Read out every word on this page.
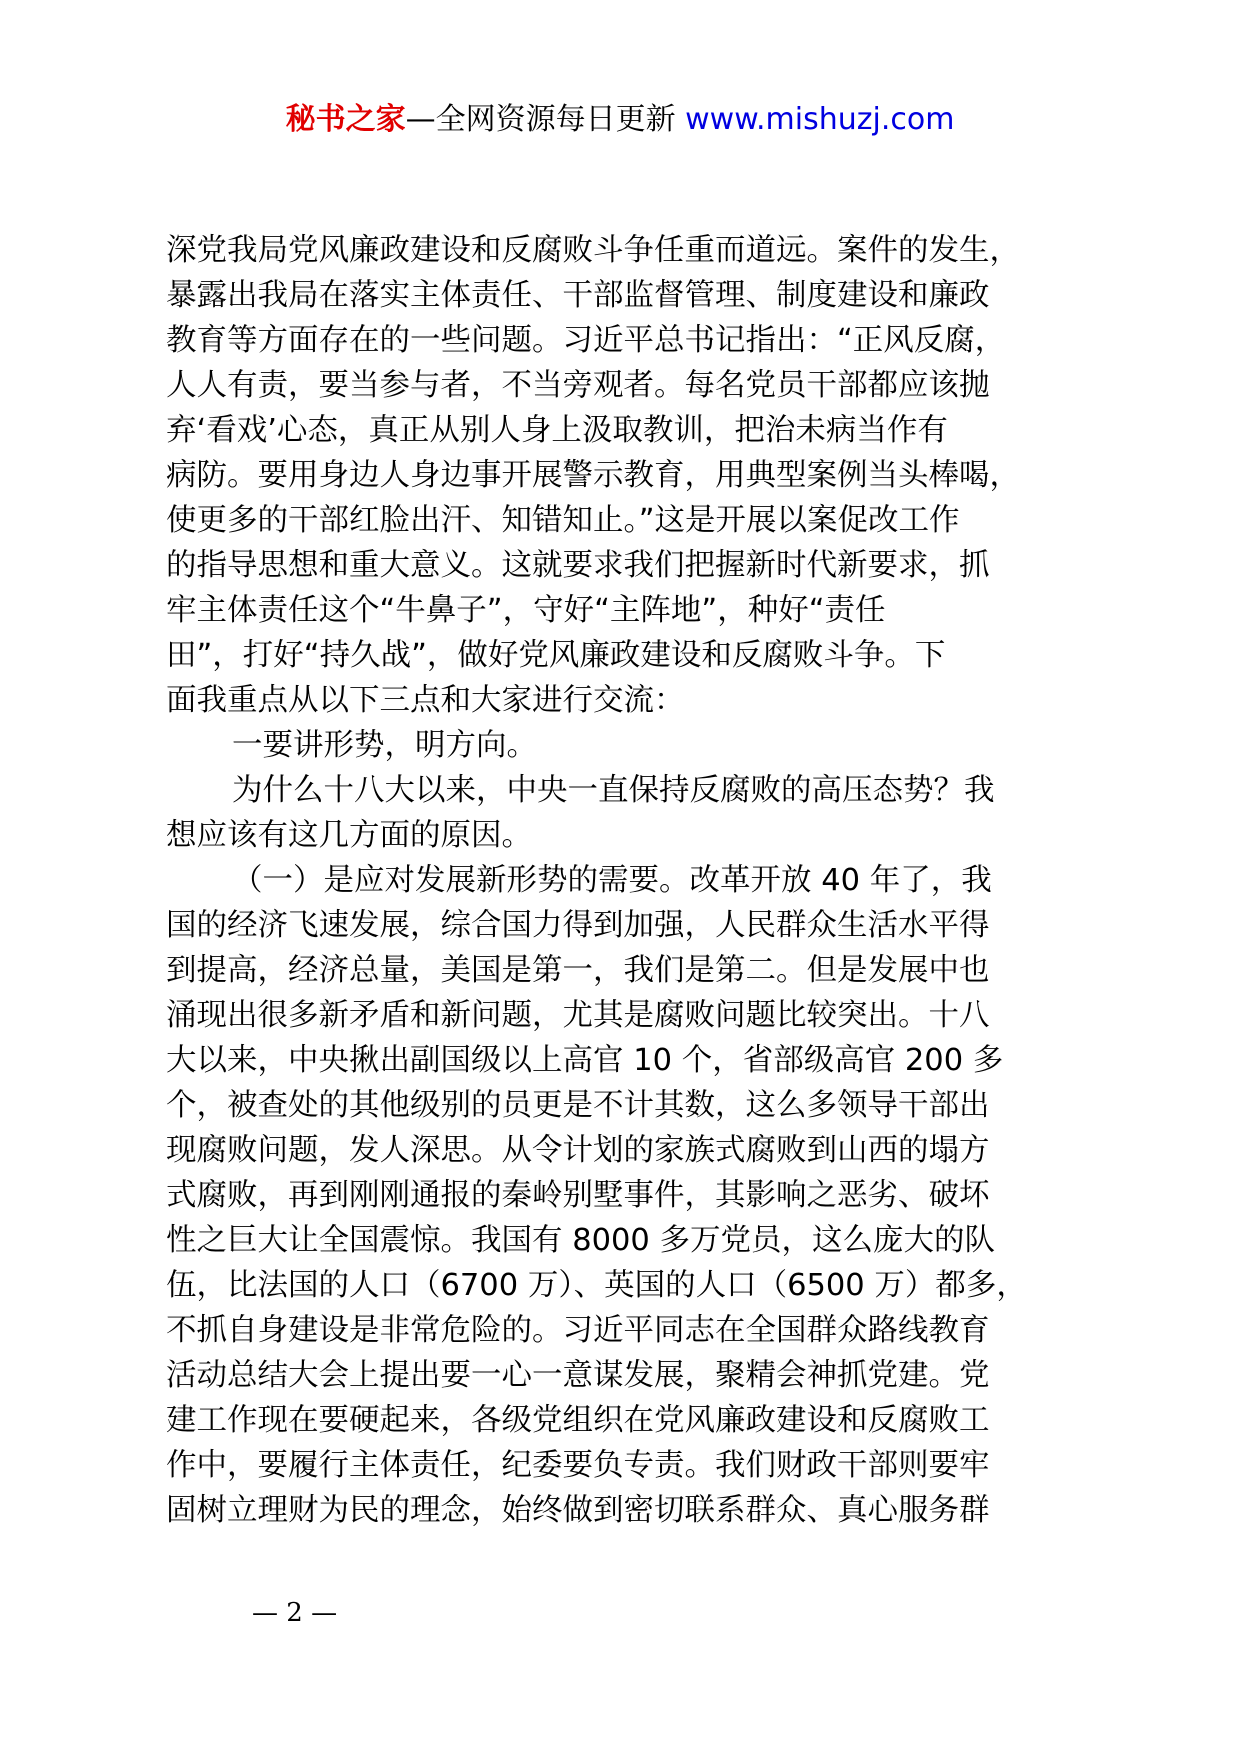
秘书之家—全网资源每日更新 www.mishuzj.com
深党我局党风廉政建设和反腐败斗争任重而道远。案件的发生，
暴露出我局在落实主体责任、干部监督管理、制度建设和廉政
教育等方面存在的一些问题。习近平总书记指出：“正风反腐，
人人有责，要当参与者，不当旁观者。每名党员干部都应该抛
弃‘看戏’心态，真正从别人身上汲取教训，把治未病当作有
病防。要用身边人身边事开展警示教育，用典型案例当头棒喝，
使更多的干部红脸出汗、知错知止。”这是开展以案促改工作
的指导思想和重大意义。这就要求我们把握新时代新要求，抓
牢主体责任这个“牛鼻子”，守好“主阵地”，种好“责任
田”，打好“持久战”，做好党风廉政建设和反腐败斗争。下
面我重点从以下三点和大家进行交流：
一要讲形势，明方向。
为什么十八大以来，中央一直保持反腐败的高压态势？我
想应该有这几方面的原因。
（一）是应对发展新形势的需要。改革开放 40 年了，我
国的经济飞速发展，综合国力得到加强，人民群众生活水平得
到提高，经济总量，美国是第一，我们是第二。但是发展中也
涌现出很多新矛盾和新问题，尤其是腐败问题比较突出。十八
大以来，中央揪出副国级以上高官 10 个，省部级高官 200 多
个，被查处的其他级别的员更是不计其数，这么多领导干部出
现腐败问题，发人深思。从令计划的家族式腐败到山西的塌方
式腐败，再到刚刚通报的秦岭别墅事件，其影响之恶劣、破坏
性之巨大让全国震惊。我国有 8000 多万党员，这么庞大的队
伍，比法国的人口（6700 万）、英国的人口（6500 万）都多，
不抓自身建设是非常危险的。习近平同志在全国群众路线教育
活动总结大会上提出要一心一意谋发展，聚精会神抓党建。党
建工作现在要硬起来，各级党组织在党风廉政建设和反腐败工
作中，要履行主体责任，纪委要负专责。我们财政干部则要牢
固树立理财为民的理念，始终做到密切联系群众、真心服务群
— 2 —
